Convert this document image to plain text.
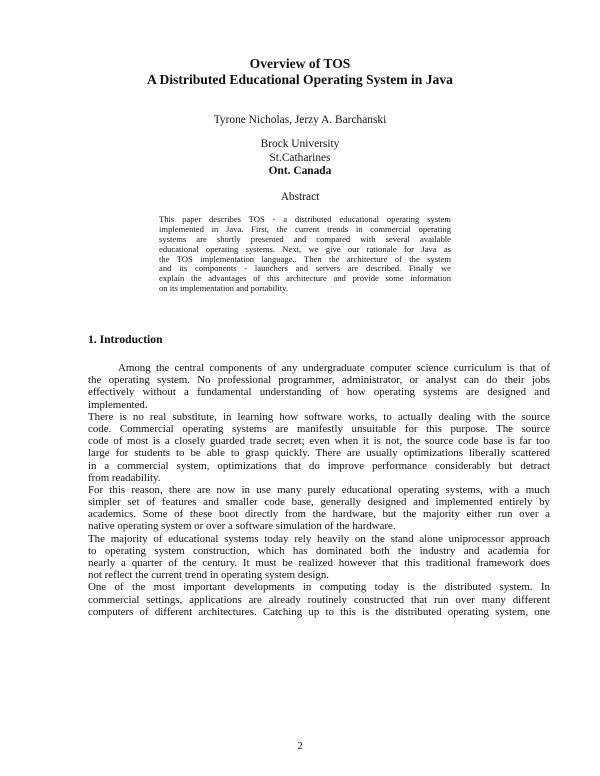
Overview of TOS
A Distributed Educational Operating System in Java
Tyrone Nicholas, Jerzy A. Barchanski
Brock University
St.Catharines
Ont. Canada
Abstract
This paper describes TOS - a distributed educational operating system
implemented in Java. First, the current trends in commercial operating
systems are shortly presented and compared with several available
educational operating systems. Next, we give our rationale for Java as
the TOS implementation language.. Then the architecture of the system
and its components - launchers and servers are described. Finally we
explain the advantages of this architecture and provide some information
on its implementation and portability.
1. Introduction
Among the central components of any undergraduate computer science curriculum is that of
the operating system. No professional programmer, administrator, or analyst can do their jobs
effectively without a fundamental understanding of how operating systems are designed and
implemented.
There is no real substitute, in learning how software works, to actually dealing with the source
code. Commercial operating systems are manifestly unsuitable for this purpose. The source
code of most is a closely guarded trade secret; even when it is not, the source code base is far too
large for students to be able to grasp quickly. There are usually optimizations liberally scattered
in a commercial system, optimizations that do improve performance considerably but detract
from readability.
For this reason, there are now in use many purely educational operating systems, with a much
simpler set of features and smaller code base, generally designed and implemented entirely by
academics. Some of these boot directly from the hardware, but the majority either run over a
native operating system or over a software simulation of the hardware.
The majority of educational systems today rely heavily on the stand alone uniprocessor approach
to operating system construction, which has dominated both the industry and academia for
nearly a quarter of the century. It must be realized however that this traditional framework does
not reflect the current trend in operating system design.
One of the most important developments in computing today is the distributed system. In
commercial settings, applications are already routinely constructed that run over many different
computers of different architectures. Catching up to this is the distributed operating system, one
2
